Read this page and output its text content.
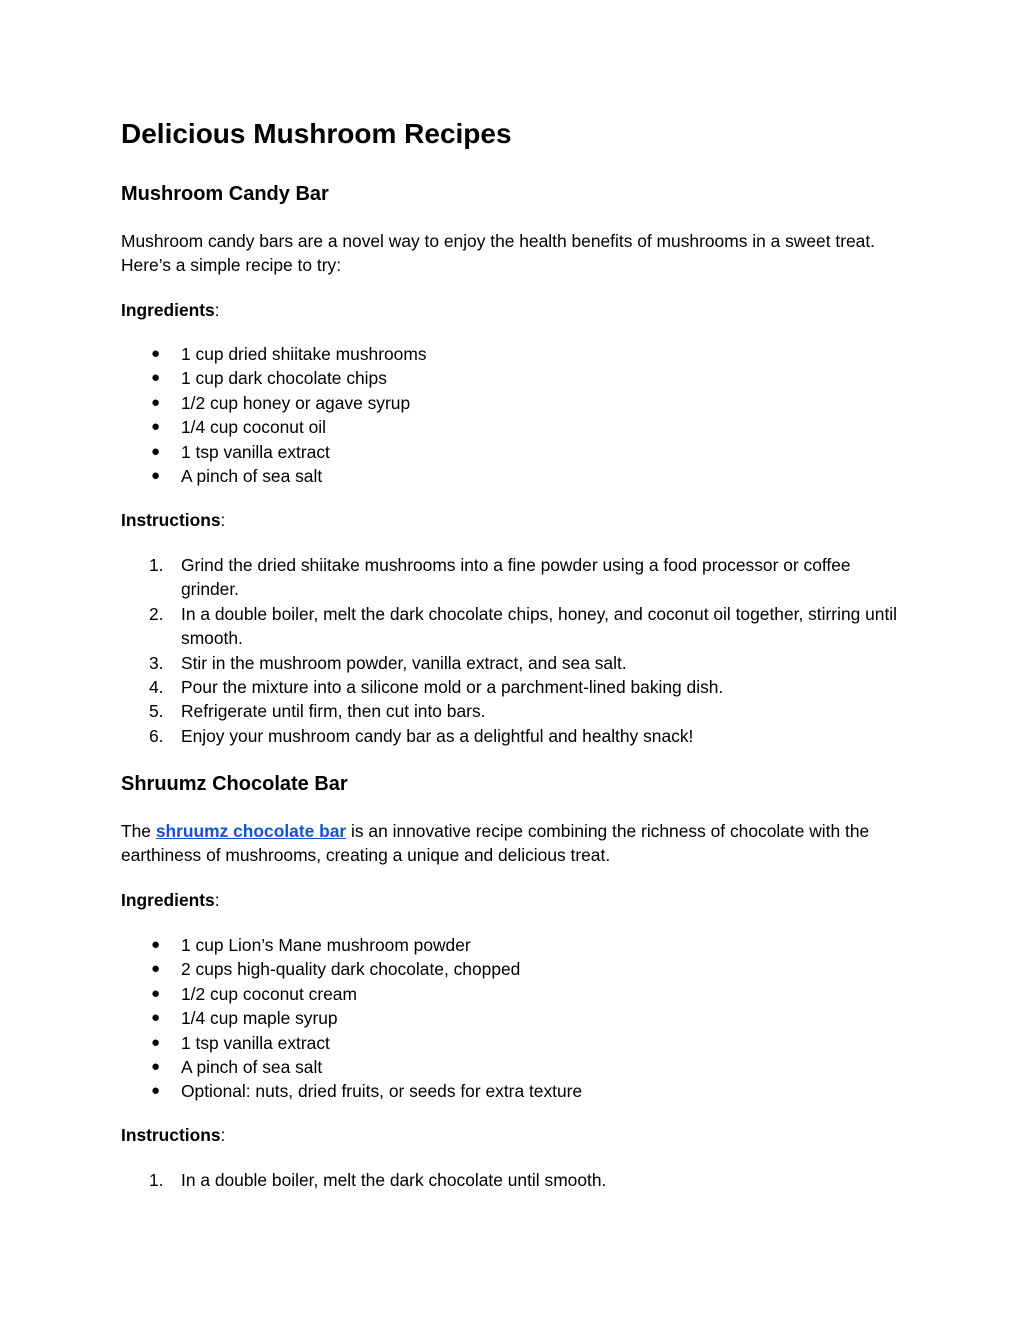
Delicious Mushroom Recipes
Mushroom Candy Bar

Mushroom candy bars are a novel way to enjoy the health benefits of mushrooms in a sweet treat. Here’s a simple recipe to try:

Ingredients:

●	1 cup dried shiitake mushrooms
●	1 cup dark chocolate chips
●	1/2 cup honey or agave syrup
●	1/4 cup coconut oil
●	1 tsp vanilla extract
●	A pinch of sea salt

Instructions:

1.	Grind the dried shiitake mushrooms into a fine powder using a food processor or coffee grinder.
2.	In a double boiler, melt the dark chocolate chips, honey, and coconut oil together, stirring until smooth.
3.	Stir in the mushroom powder, vanilla extract, and sea salt.
4.	Pour the mixture into a silicone mold or a parchment-lined baking dish.
5.	Refrigerate until firm, then cut into bars.
6.	Enjoy your mushroom candy bar as a delightful and healthy snack!
Shruumz Chocolate Bar

The shruumz chocolate bar is an innovative recipe combining the richness of chocolate with the earthiness of mushrooms, creating a unique and delicious treat.

Ingredients:

●	1 cup Lion’s Mane mushroom powder
●	2 cups high-quality dark chocolate, chopped
●	1/2 cup coconut cream
●	1/4 cup maple syrup
●	1 tsp vanilla extract
●	A pinch of sea salt
●	Optional: nuts, dried fruits, or seeds for extra texture

Instructions:

1.	In a double boiler, melt the dark chocolate until smooth.
